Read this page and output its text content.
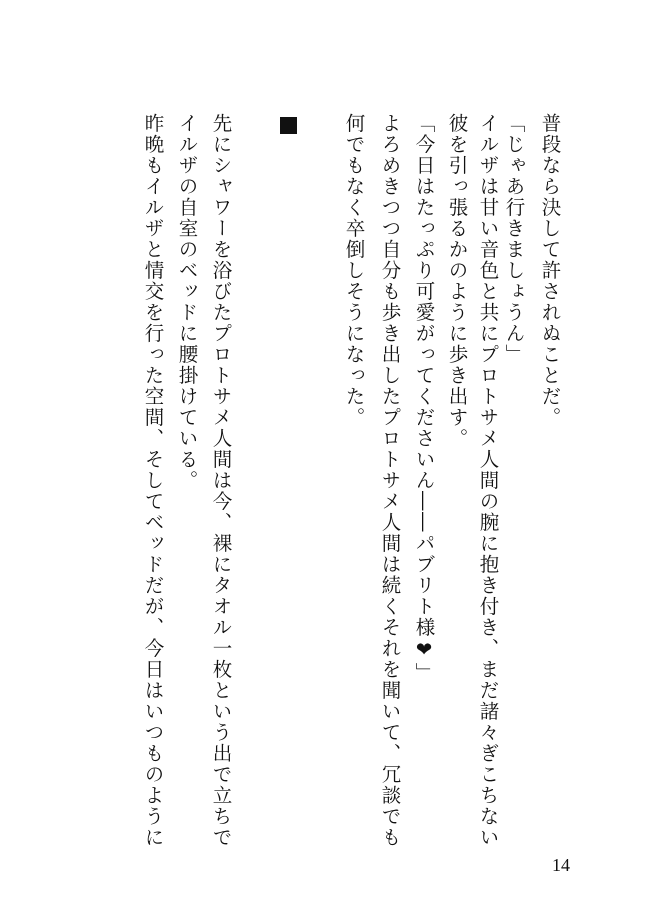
普段なら決して許されぬことだ。
「じゃあ行きましょうん」
イルザは甘い音色と共にプロトサメ人間の腕に抱き付き、まだ諸々ぎこちない
彼を引っ張るかのように歩き出す。
「今日はたっぷり可愛がってくださいん――パブリト様❤」
よろめきつつ自分も歩き出したプロトサメ人間は続くそれを聞いて、冗談でも
何でもなく卒倒しそうになった。
先にシャワーを浴びたプロトサメ人間は今、裸にタオル一枚という出で立ちで
イルザの自室のベッドに腰掛けている。
昨晩もイルザと情交を行った空間、そしてベッドだが、今日はいつものように
14
